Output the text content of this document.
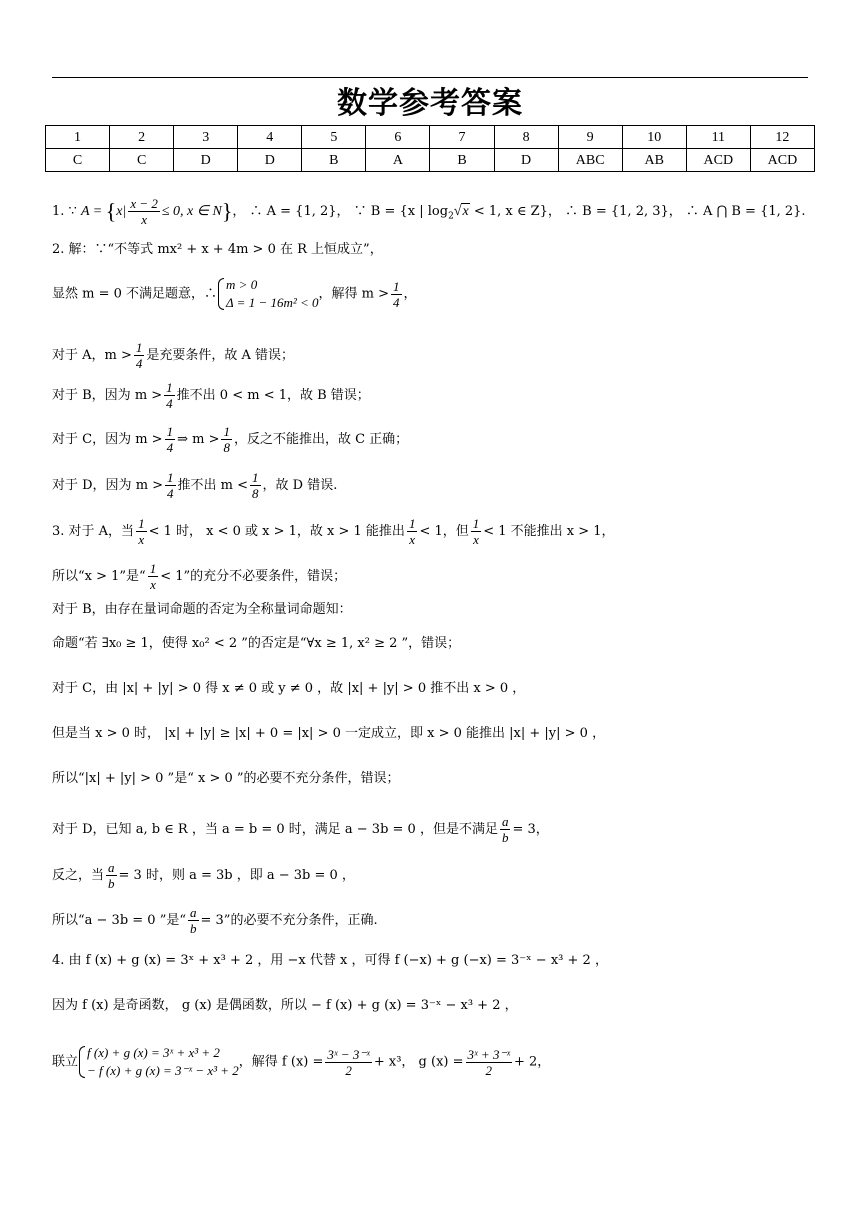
数学参考答案
1	2	3	4	5	6	7	8	9	10	11	12
C	C	D	D	B	A	B	D	ABC	AB	ACD	ACD
1. ∵ $A = \{x| \frac{x - 2}{x} \le 0$, x ∈ N}， ∴ A = {1, 2}， ∵ B = {x | $\log_2√x < 1$, x ∈ Z}， ∴ B = {1, 2, 3}， ∴ A ⋂ B = {1, 2}.
2. 解：∵“不等式 mx² + x + 4m > 0 在 R 上恒成立”，
显然 m = 0 不满足题意，∴
m > 0
Δ = 1 − 16m² < 0
，解得 $m > \frac{1}{4}$ ，
对于 A，$m > \frac{1}{4}$ 是充要条件，故 A 错误；
对于 B，因为 $m > \frac{1}{4}$ 推不出 0 < m < 1，故 B 错误；
对于 C，因为 $m > \frac{1}{4}$ ⇒ $m > \frac{1}{8}$ ，反之不能推出，故 C 正确；
对于 D，因为 $m > \frac{1}{4}$ 推不出 $m < \frac{1}{8}$ ，故 D 错误.
3. 对于 A，当 $\frac{1}{x} < 1$ 时， x < 0 或 x > 1，故 x > 1 能推出 $\frac{1}{x} < 1$，但 $\frac{1}{x} < 1$ 不能推出 x > 1，
所以“x > 1”是“ $\frac{1}{x} < 1$”的充分不必要条件，错误；
对于 B，由存在量词命题的否定为全称量词命题知：
命题“若 ∃x₀ ≥ 1，使得 x₀² < 2 ”的否定是“∀x ≥ 1, x² ≥ 2 ”，错误；
对于 C，由 |x| + |y| > 0 得 x ≠ 0 或 y ≠ 0 ，故 |x| + |y| > 0 推不出 x > 0 ，
但是当 x > 0 时， |x| + |y| ≥ |x| + 0 = |x| > 0 一定成立，即 x > 0 能推出 |x| + |y| > 0 ，
所以“|x| + |y| > 0 ”是“ x > 0 ”的必要不充分条件，错误；
对于 D，已知 a, b ∈ R ，当 a = b = 0 时，满足 a − 3b = 0 ，但是不满足 $\frac{a}{b} = 3$，
反之，当 $\frac{a}{b} = 3$ 时，则 a = 3b ，即 a − 3b = 0 ，
所以“a − 3b = 0 ”是“ $\frac{a}{b} = 3$”的必要不充分条件，正确.
4. 由 f (x) + g (x) = 3ˣ + x³ + 2 ，用 −x 代替 x ，可得 f (−x) + g (−x) = 3⁻ˣ − x³ + 2 ，
因为 f (x) 是奇函数， g (x) 是偶函数，所以 − f (x) + g (x) = 3⁻ˣ − x³ + 2 ，
联立
f (x) + g (x) = 3ˣ + x³ + 2
− f (x) + g (x) = 3⁻ˣ − x³ + 2
，解得 f $(x) = \frac{\text{3ˣ − 3⁻ˣ}}{2} + x^3$， g $(x) = \frac{\text{3ˣ + 3⁻ˣ}}{2} + 2$，
